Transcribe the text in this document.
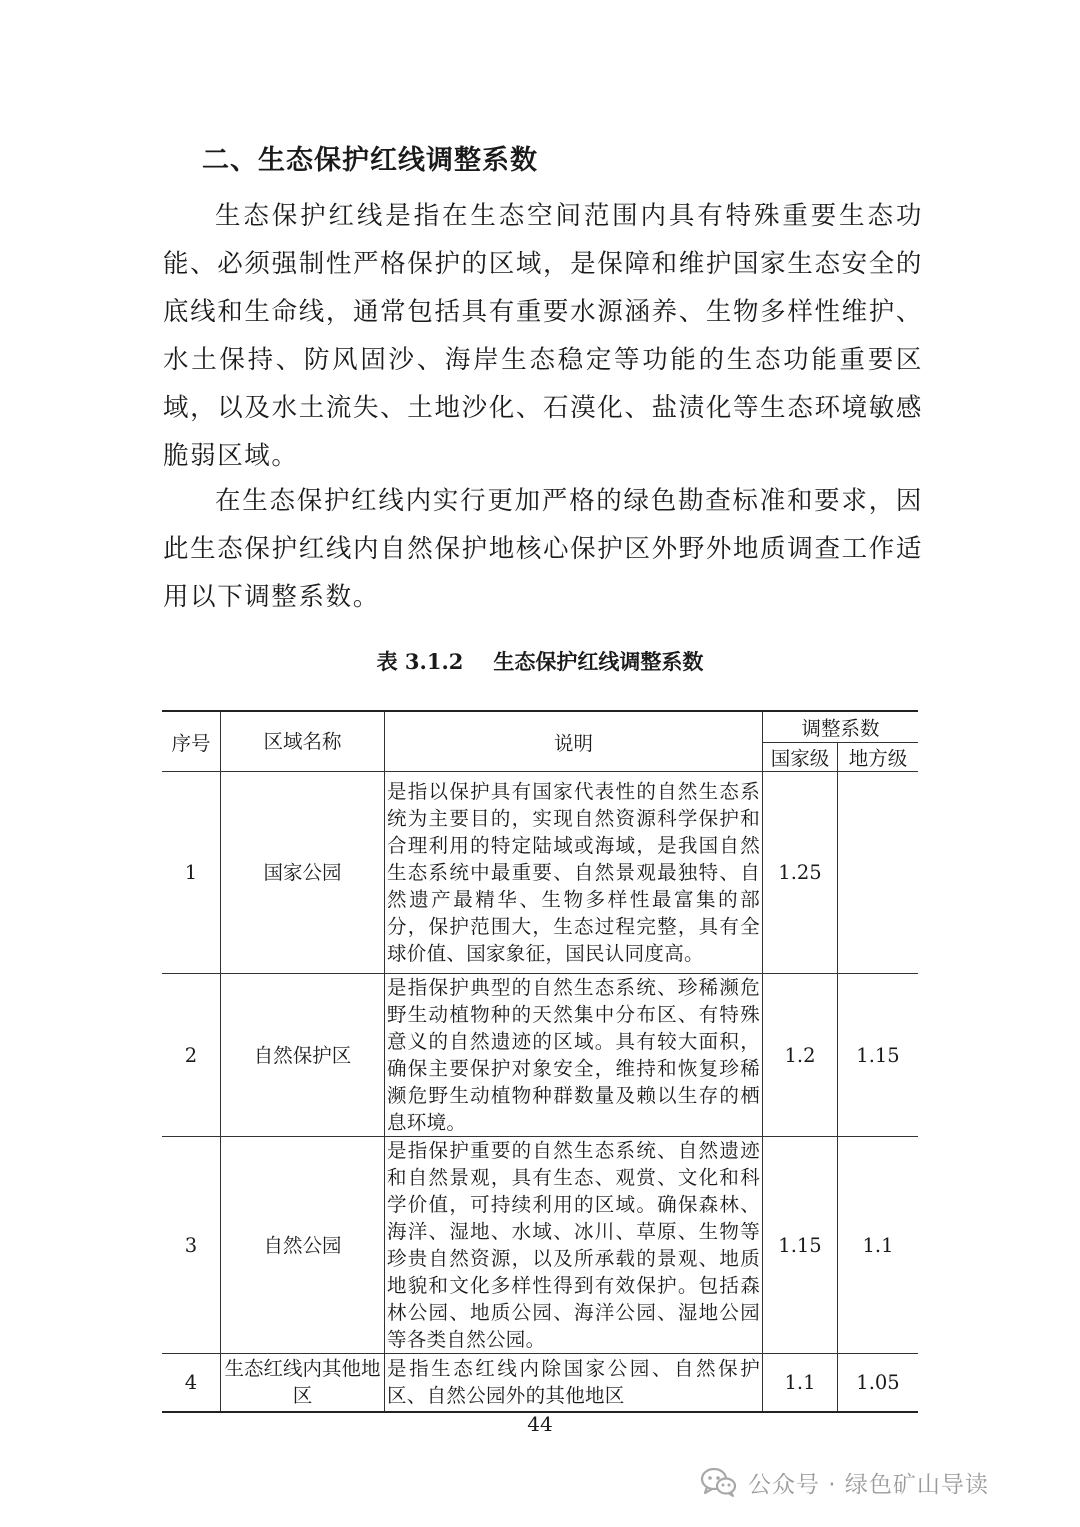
二、生态保护红线调整系数

生态保护红线是指在生态空间范围内具有特殊重要生态功能、必须强制性严格保护的区域，是保障和维护国家生态安全的底线和生命线，通常包括具有重要水源涵养、生物多样性维护、水土保持、防风固沙、海岸生态稳定等功能的生态功能重要区域，以及水土流失、土地沙化、石漠化、盐渍化等生态环境敏感脆弱区域。

在生态保护红线内实行更加严格的绿色勘查标准和要求，因此生态保护红线内自然保护地核心保护区外野外地质调查工作适用以下调整系数。

表 3.1.2 生态保护红线调整系数
序号	区域名称	说明	调整系数	
			国家级	地方级
1	国家公园	是指以保护具有国家代表性的自然生态系统为主要目的，实现自然资源科学保护和合理利用的特定陆域或海域，是我国自然生态系统中最重要、自然景观最独特、自然遗产最精华、生物多样性最富集的部分，保护范围大，生态过程完整，具有全球价值、国家象征，国民认同度高。	1.25	
2	自然保护区	是指保护典型的自然生态系统、珍稀濒危野生动植物种的天然集中分布区、有特殊意义的自然遗迹的区域。具有较大面积，确保主要保护对象安全，维持和恢复珍稀濒危野生动植物种群数量及赖以生存的栖息环境。	1.2	1.15
3	自然公园	是指保护重要的自然生态系统、自然遗迹和自然景观，具有生态、观赏、文化和科学价值，可持续利用的区域。确保森林、海洋、湿地、水域、冰川、草原、生物等珍贵自然资源，以及所承载的景观、地质地貌和文化多样性得到有效保护。包括森林公园、地质公园、海洋公园、湿地公园等各类自然公园。	1.15	1.1
4	生态红线内其他地区	是指生态红线内除国家公园、自然保护区、自然公园外的其他地区	1.1	1.05
44
公众号 · 绿色矿山导读
